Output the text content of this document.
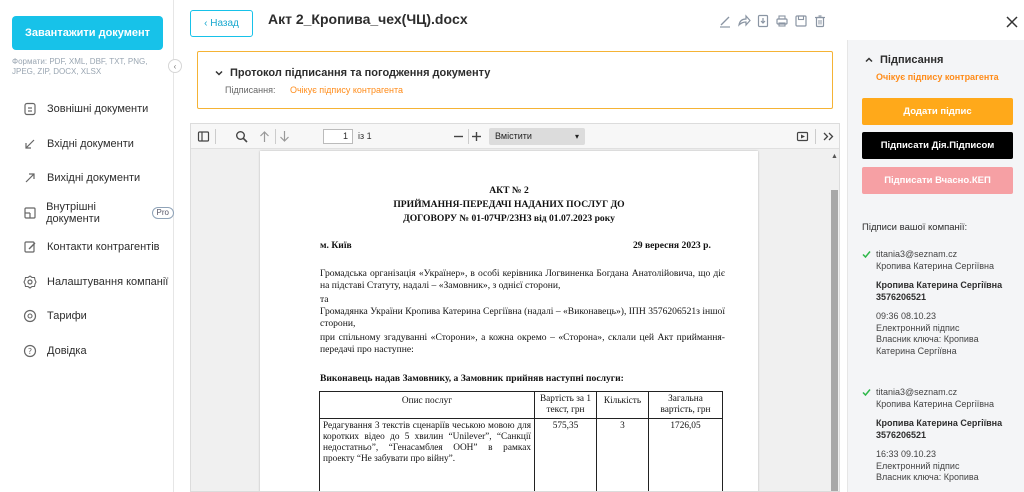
Завантажити документ
Формати: PDF, XML, DBF, TXT, PNG, JPEG, ZIP, DOCX, XLSX
Зовнішні документи
Вхідні документи
Вихідні документи
Внутрішні документи
Pro
Контакти контрагентів
Налаштування компанії
Тарифи
? Довідка
‹
‹ Назад	Акт 2_Кропива_чех(ЧЦ).docx
Протокол підписання та погодження документу
Підписання: Очікує підпису контрагента
1	із 1	Вмістити	▾
АКТ № 2
ПРИЙМАННЯ-ПЕРЕДАЧІ НАДАНИХ ПОСЛУГ ДО
ДОГОВОРУ № 01-07ЧР/23НЗ від 01.07.2023 року
м. Київ	29 вересня 2023 р.
Громадська організація «Українер», в особі керівника Логвиненка Богдана Анатолійовича, що діє на підставі Статуту, надалі – «Замовник», з однієї сторони,
та
Громадянка України Кропива Катерина Сергіївна (надалі – «Виконавець»), ІПН 3576206521з іншої сторони,
при спільному згадуванні «Сторони», а кожна окремо – «Сторона», склали цей Акт приймання-передачі про наступне:
Виконавець надав Замовнику, а Замовник прийняв наступні послуги:
Опис послуг	Вартість за 1 текст, грн	Кількість	Загальна вартість, грн
Редагування 3 текстів сценаріїв чеською мовою для коротких відео до 5 хвилин “Unilever”, “Санкції недостатньо”, “Генасамблея ООН” в рамках проекту “Не забувати про війну”.	575,35	3	1726,05
▲
Підписання
Очікує підпису контрагента
Додати підпис
Підписати Дія.Підписом
Підписати Вчасно.КЕП
Підписи вашої компанії:
titania3@seznam.cz
Кропива Катерина Сергіївна
Кропива Катерина Сергіївна 3576206521
09:36 08.10.23
Електронний підпис
Власник ключа: Кропива Катерина Сергіївна
titania3@seznam.cz
Кропива Катерина Сергіївна
Кропива Катерина Сергіївна 3576206521
16:33 09.10.23
Електронний підпис
Власник ключа: Кропива
